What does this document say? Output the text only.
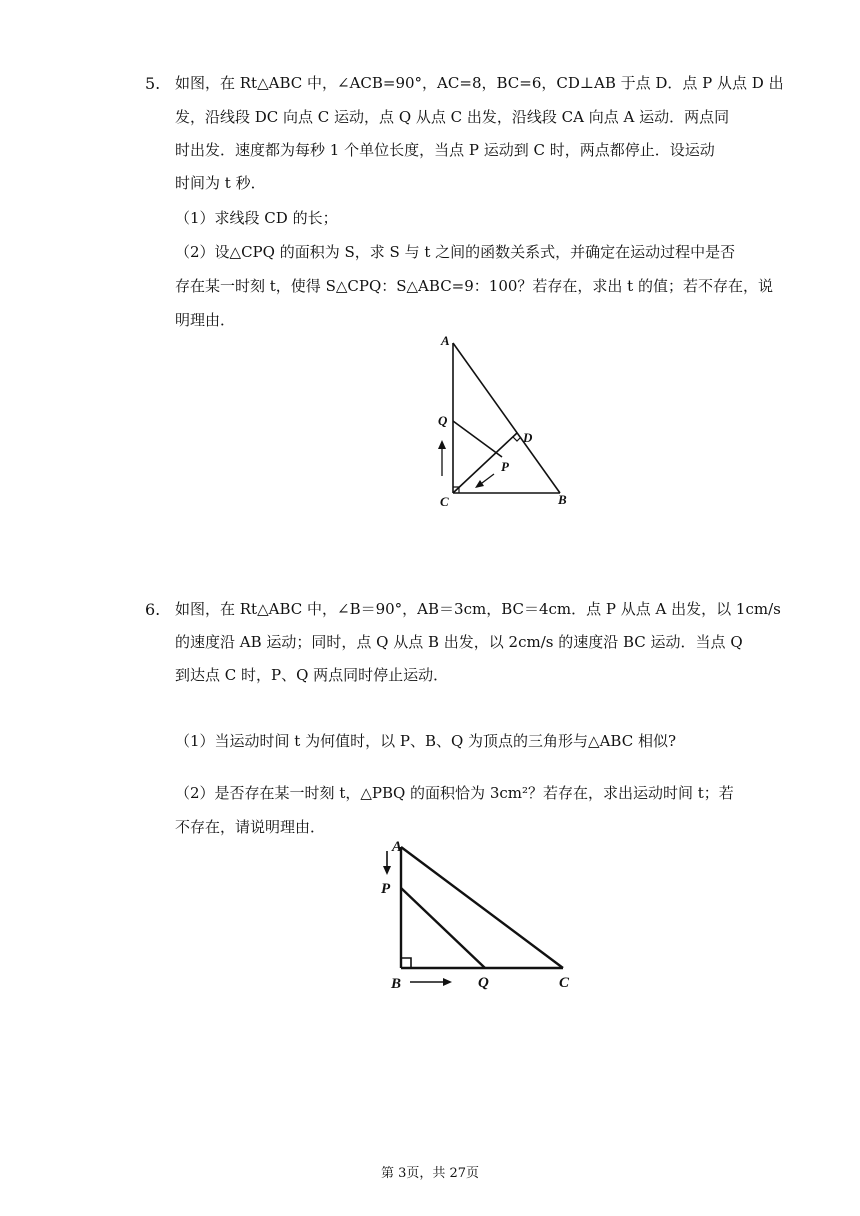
5. 如图，在 Rt△ABC 中，∠ACB=90°，AC=8，BC=6，CD⊥AB 于点 D．点 P 从点 D 出
发，沿线段 DC 向点 C 运动，点 Q 从点 C 出发，沿线段 CA 向点 A 运动．两点同
时出发．速度都为每秒 1 个单位长度，当点 P 运动到 C 时，两点都停止．设运动
时间为 t 秒．
（1）求线段 CD 的长；
（2）设△CPQ 的面积为 S，求 S 与 t 之间的函数关系式，并确定在运动过程中是否
存在某一时刻 t，使得 S△CPQ：S△ABC=9：100？若存在，求出 t 的值；若不存在，说
明理由．
A
Q
D
P
C	B
6. 如图，在 Rt△ABC 中，∠B＝90°，AB＝3cm，BC＝4cm．点 P 从点 A 出发，以 1cm/s
的速度沿 AB 运动；同时，点 Q 从点 B 出发，以 2cm/s 的速度沿 BC 运动．当点 Q
到达点 C 时，P、Q 两点同时停止运动．
（1）当运动时间 t 为何值时，以 P、B、Q 为顶点的三角形与△ABC 相似?
（2）是否存在某一时刻 t，△PBQ 的面积恰为 3cm²？若存在，求出运动时间 t；若
不存在，请说明理由．
A
P
B	Q	C
第 3页，共 27页
